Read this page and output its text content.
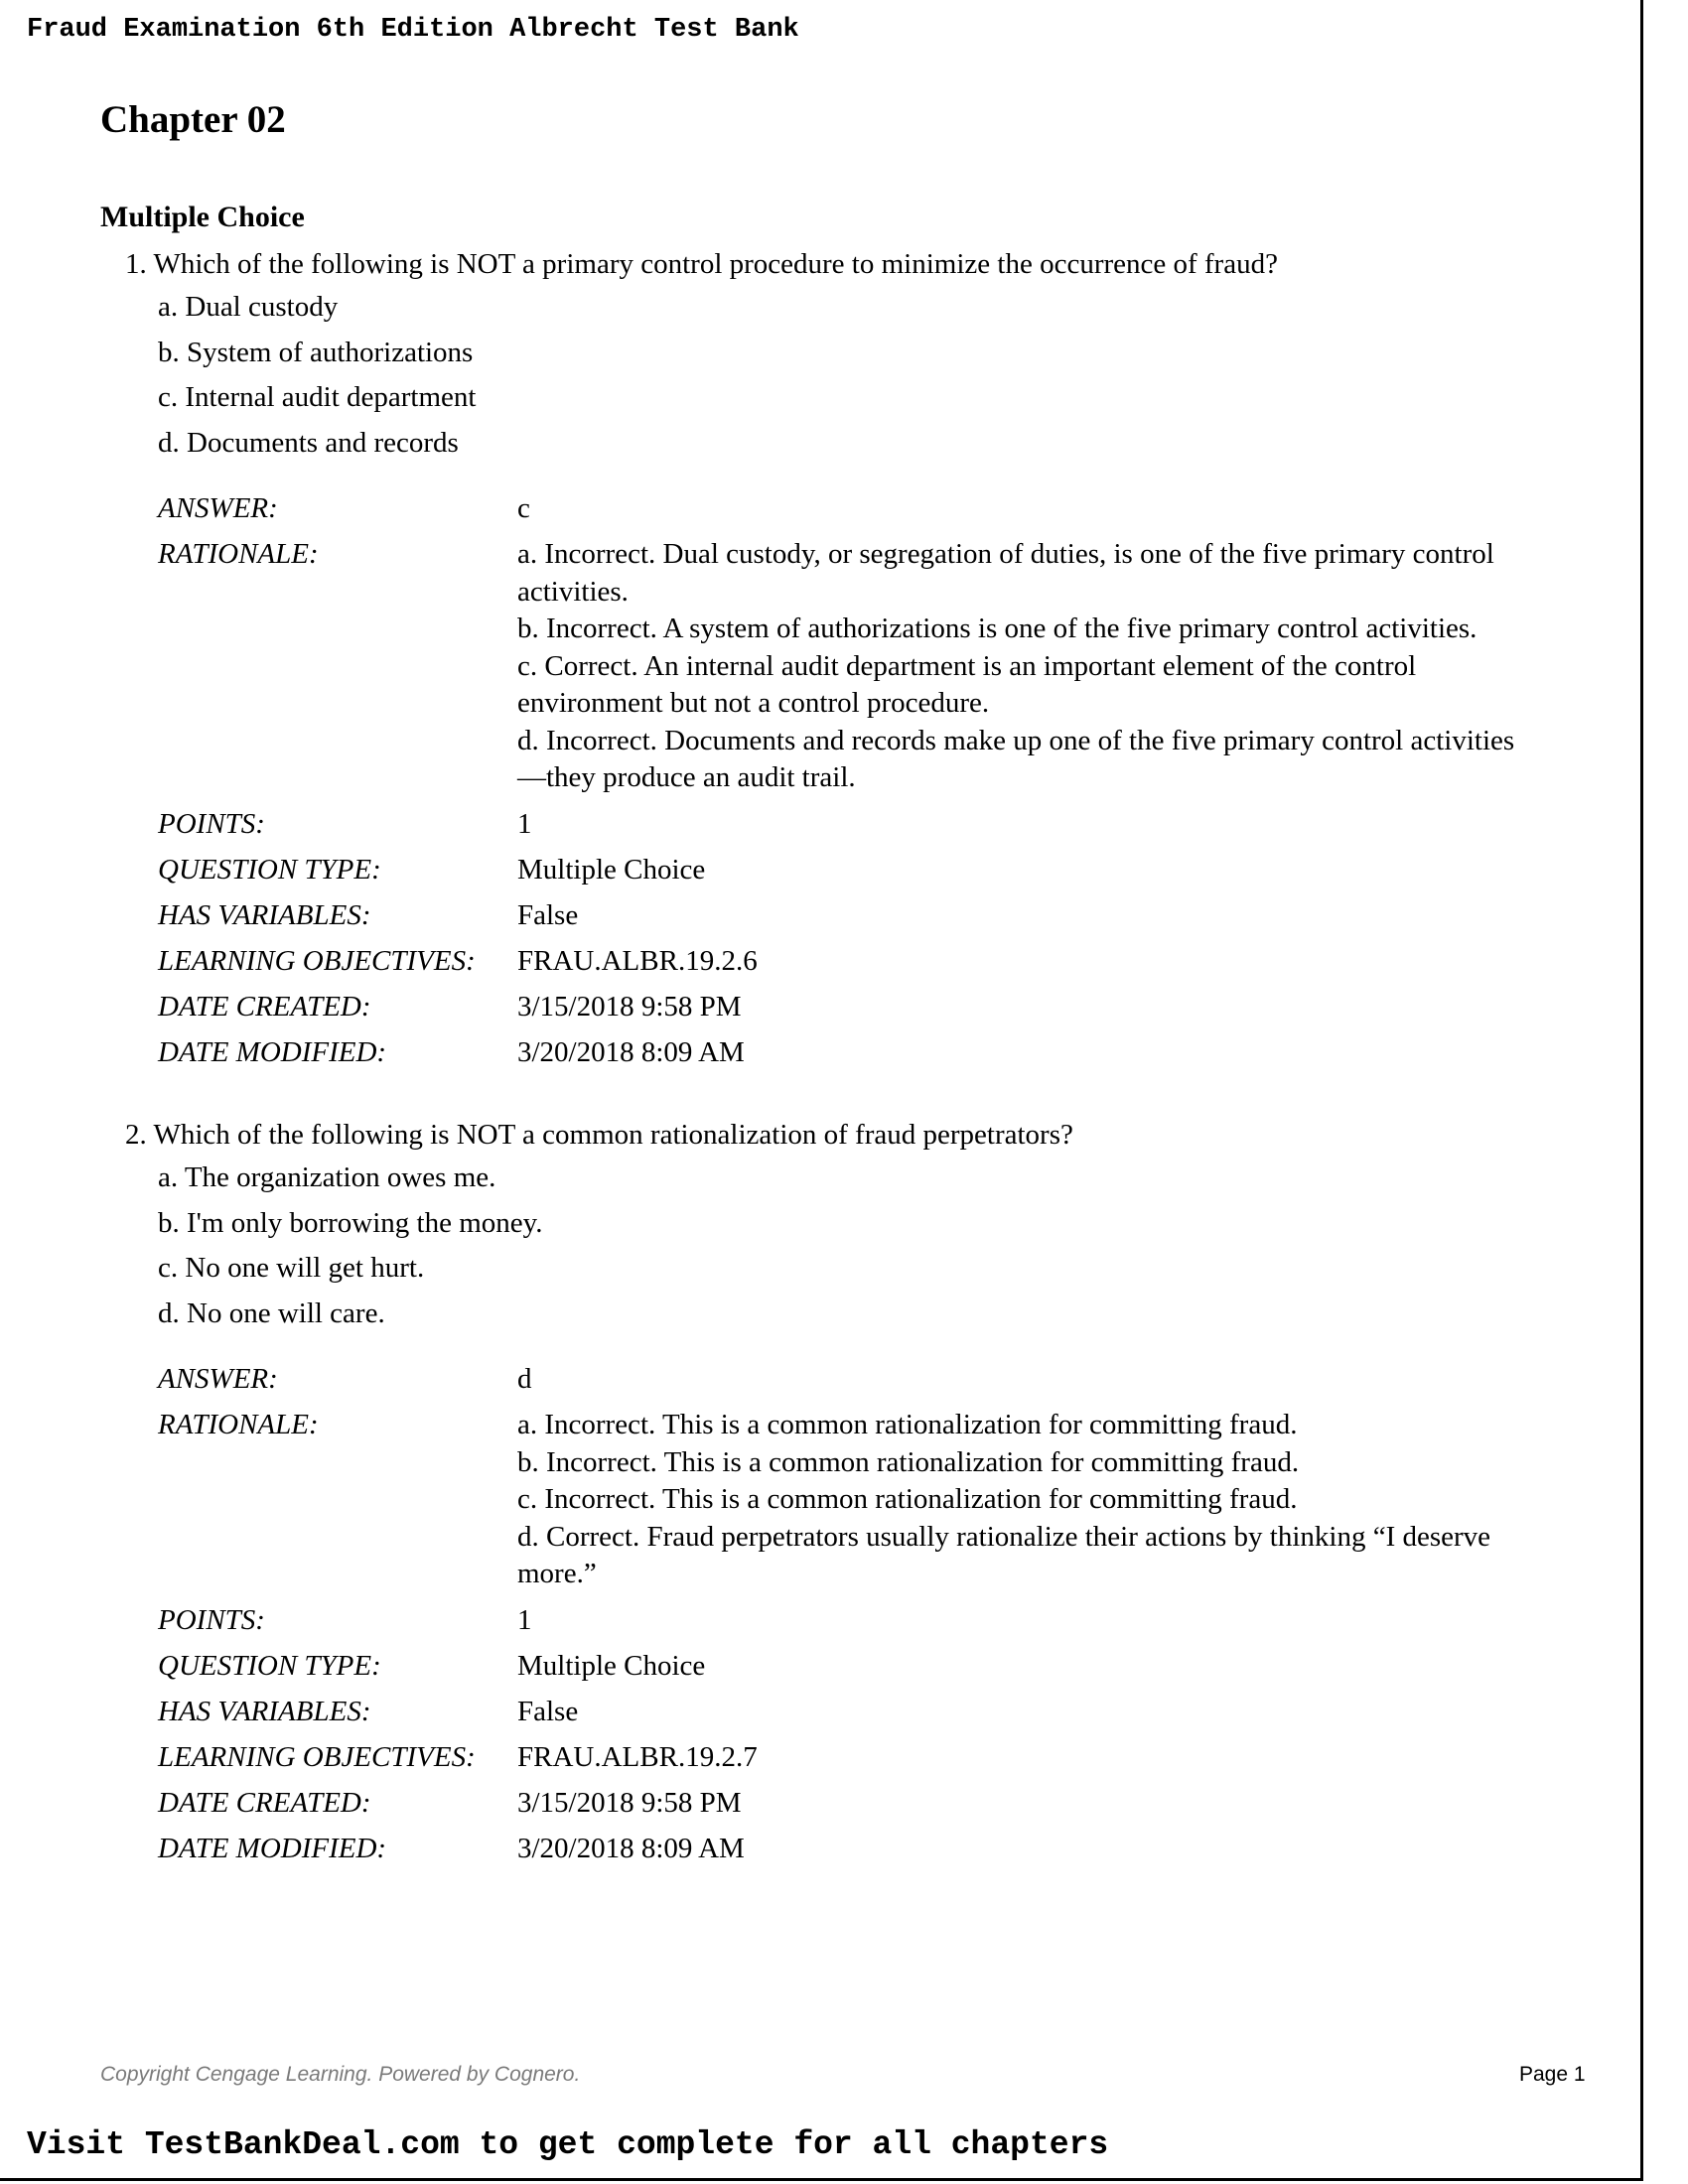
Fraud Examination 6th Edition Albrecht Test Bank
Chapter 02
Multiple Choice
1. Which of the following is NOT a primary control procedure to minimize the occurrence of fraud?
a. Dual custody
b. System of authorizations
c. Internal audit department
d. Documents and records
ANSWER:	c
RATIONALE:	a. Incorrect. Dual custody, or segregation of duties, is one of the five primary control
activities.
b. Incorrect. A system of authorizations is one of the five primary control activities.
c. Correct. An internal audit department is an important element of the control
environment but not a control procedure.
d. Incorrect. Documents and records make up one of the five primary control activities
—they produce an audit trail.
POINTS:	1
QUESTION TYPE:	Multiple Choice
HAS VARIABLES:	False
LEARNING OBJECTIVES:	FRAU.ALBR.19.2.6
DATE CREATED:	3/15/2018 9:58 PM
DATE MODIFIED:	3/20/2018 8:09 AM
2. Which of the following is NOT a common rationalization of fraud perpetrators?
a. The organization owes me.
b. I'm only borrowing the money.
c. No one will get hurt.
d. No one will care.
ANSWER:	d
RATIONALE:	a. Incorrect. This is a common rationalization for committing fraud.
b. Incorrect. This is a common rationalization for committing fraud.
c. Incorrect. This is a common rationalization for committing fraud.
d. Correct. Fraud perpetrators usually rationalize their actions by thinking “I deserve
more.”
POINTS:	1
QUESTION TYPE:	Multiple Choice
HAS VARIABLES:	False
LEARNING OBJECTIVES:	FRAU.ALBR.19.2.7
DATE CREATED:	3/15/2018 9:58 PM
DATE MODIFIED:	3/20/2018 8:09 AM
Copyright Cengage Learning. Powered by Cognero.	Page 1
Visit TestBankDeal.com to get complete for all chapters
